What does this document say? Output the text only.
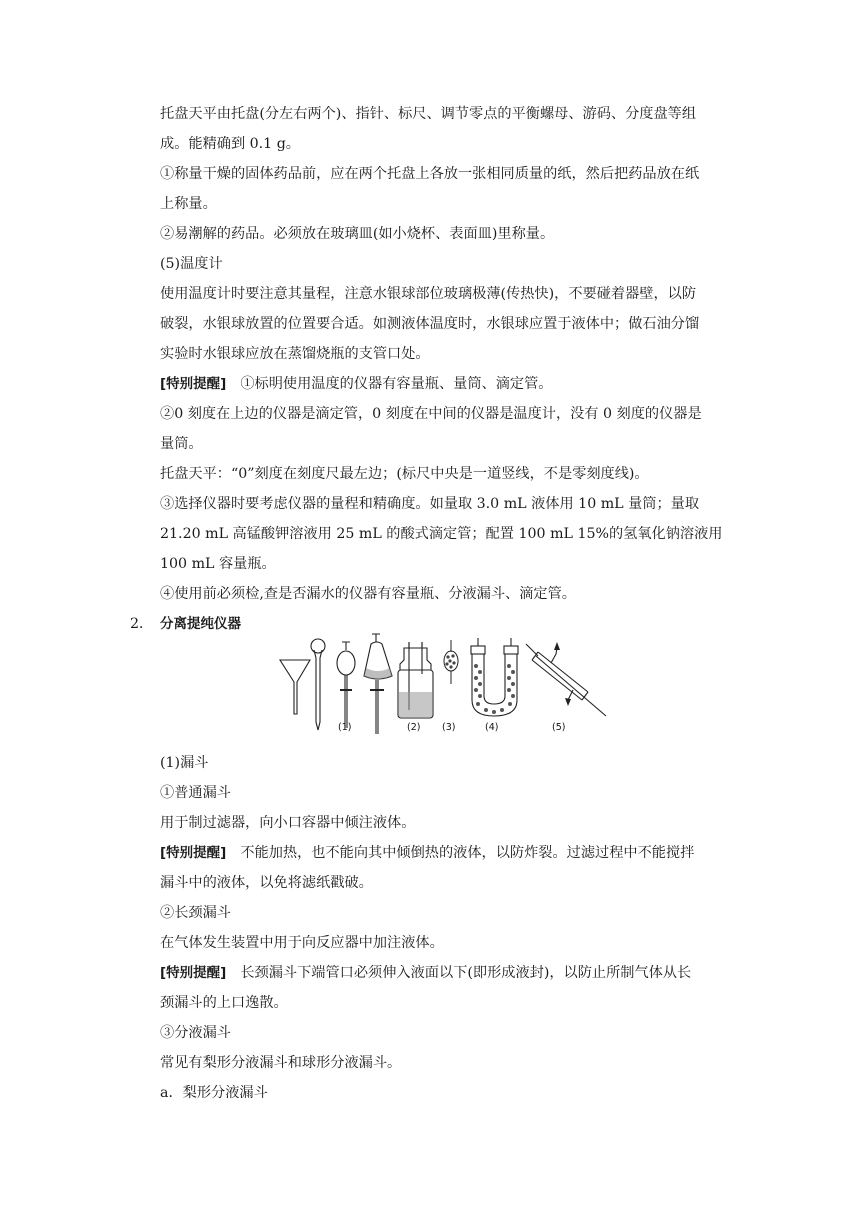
托盘天平由托盘(分左右两个)、指针、标尺、调节零点的平衡螺母、游码、分度盘等组
成。能精确到 0.1 g。
①称量干燥的固体药品前，应在两个托盘上各放一张相同质量的纸，然后把药品放在纸
上称量。
②易潮解的药品。必须放在玻璃皿(如小烧杯、表面皿)里称量。
(5)温度计
使用温度计时要注意其量程，注意水银球部位玻璃极薄(传热快)，不要碰着器壁，以防
破裂，水银球放置的位置要合适。如测液体温度时，水银球应置于液体中；做石油分馏
实验时水银球应放在蒸馏烧瓶的支管口处。
[特别提醒] ①标明使用温度的仪器有容量瓶、量筒、滴定管。
②0 刻度在上边的仪器是滴定管，0 刻度在中间的仪器是温度计，没有 0 刻度的仪器是
量筒。
托盘天平：“0”刻度在刻度尺最左边；(标尺中央是一道竖线，不是零刻度线)。
③选择仪器时要考虑仪器的量程和精确度。如量取 3.0 mL 液体用 10 mL 量筒；量取
21.20 mL 高锰酸钾溶液用 25 mL 的酸式滴定管；配置 100 mL 15%的氢氧化钠溶液用
100 mL 容量瓶。
④使用前必须检,查是否漏水的仪器有容量瓶、分液漏斗、滴定管。
2． 分离提纯仪器
(1)	(2) (3)	(4)	(5)
(1)漏斗
①普通漏斗
用于制过滤器，向小口容器中倾注液体。
[特别提醒] 不能加热，也不能向其中倾倒热的液体，以防炸裂。过滤过程中不能搅拌
漏斗中的液体，以免将滤纸戳破。
②长颈漏斗
在气体发生装置中用于向反应器中加注液体。
[特别提醒] 长颈漏斗下端管口必须伸入液面以下(即形成液封)，以防止所制气体从长
颈漏斗的上口逸散。
③分液漏斗
常见有梨形分液漏斗和球形分液漏斗。
a．梨形分液漏斗
